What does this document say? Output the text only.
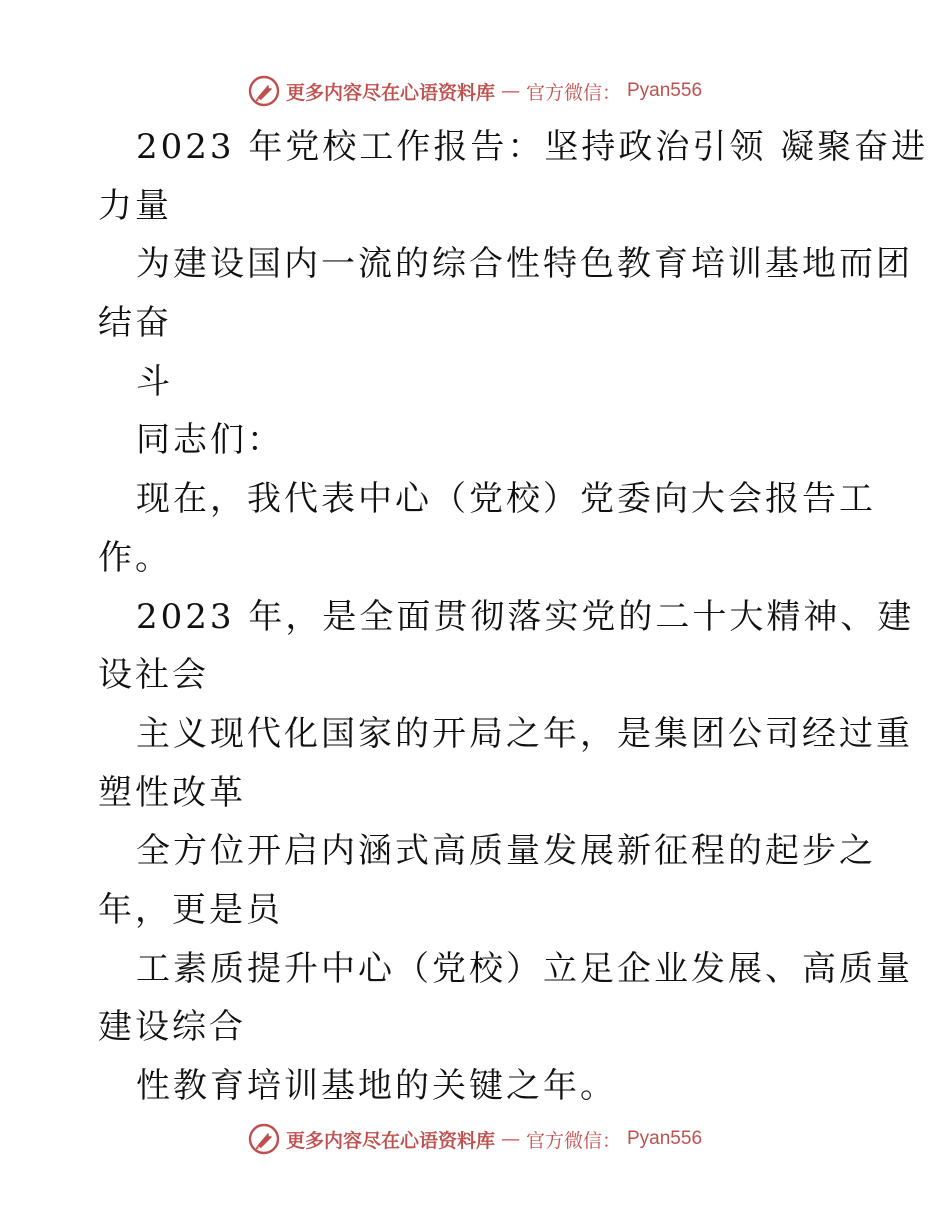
更多内容尽在心语资料库 — 官方微信： Pyan556
2023 年党校工作报告：坚持政治引领 凝聚奋进
力量
为建设国内一流的综合性特色教育培训基地而团
结奋
斗
同志们：
现在，我代表中心（党校）党委向大会报告工
作。
2023 年，是全面贯彻落实党的二十大精神、建
设社会
主义现代化国家的开局之年，是集团公司经过重
塑性改革
全方位开启内涵式高质量发展新征程的起步之
年，更是员
工素质提升中心（党校）立足企业发展、高质量
建设综合
性教育培训基地的关键之年。
更多内容尽在心语资料库 — 官方微信： Pyan556
